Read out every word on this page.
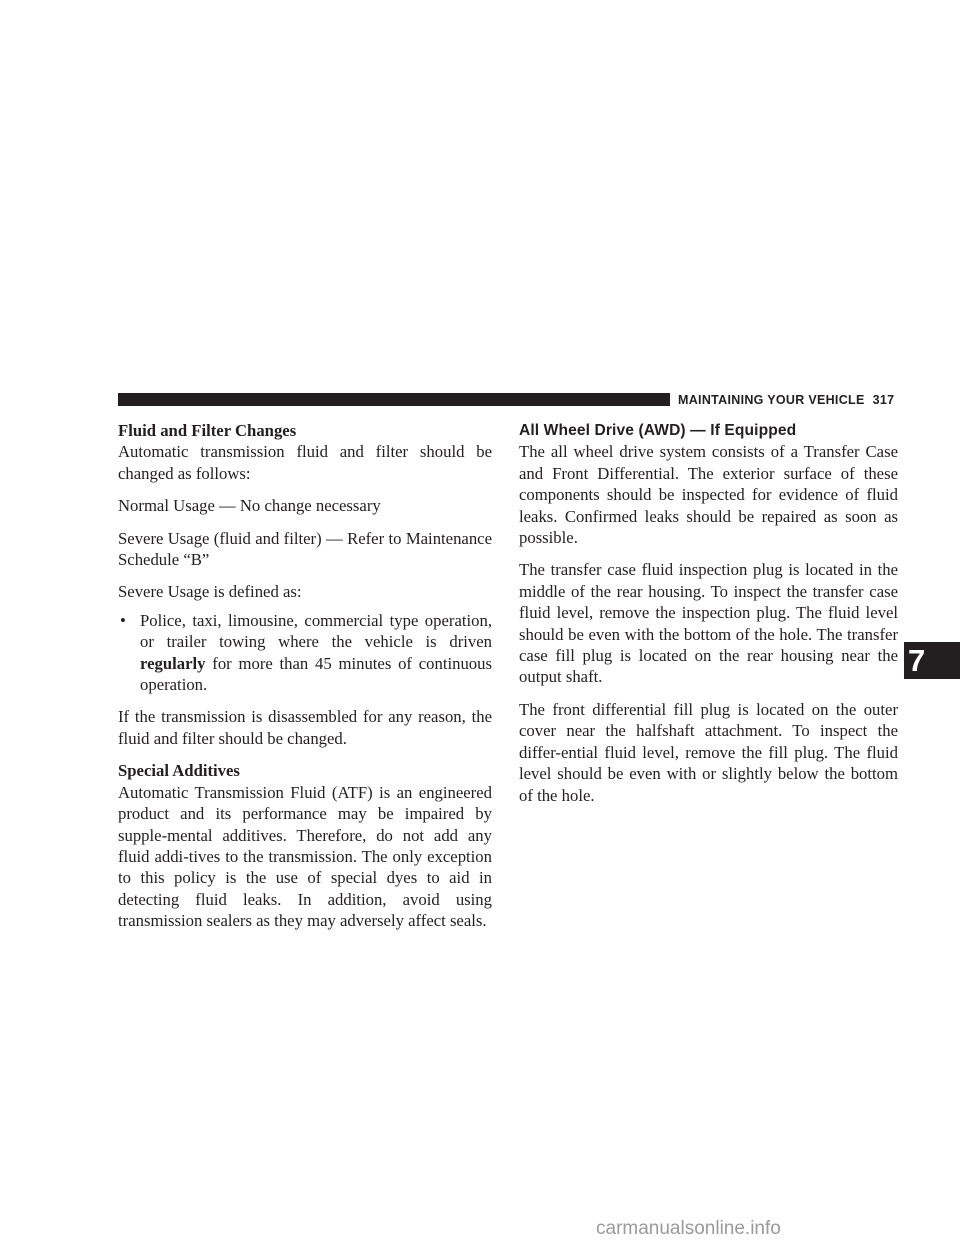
MAINTAINING YOUR VEHICLE 317
Fluid and Filter Changes

Automatic transmission fluid and filter should be changed as follows:

Normal Usage — No change necessary

Severe Usage (fluid and filter) — Refer to Maintenance Schedule “B”

Severe Usage is defined as:

• Police, taxi, limousine, commercial type operation, or trailer towing where the vehicle is driven regularly for more than 45 minutes of continuous operation.

If the transmission is disassembled for any reason, the fluid and filter should be changed.

Special Additives

Automatic Transmission Fluid (ATF) is an engineered product and its performance may be impaired by supple-mental additives. Therefore, do not add any fluid addi-tives to the transmission. The only exception to this policy is the use of special dyes to aid in detecting fluid leaks. In addition, avoid using transmission sealers as they may adversely affect seals.

All Wheel Drive (AWD) — If Equipped

The all wheel drive system consists of a Transfer Case and Front Differential. The exterior surface of these components should be inspected for evidence of fluid leaks. Confirmed leaks should be repaired as soon as possible.

The transfer case fluid inspection plug is located in the middle of the rear housing. To inspect the transfer case fluid level, remove the inspection plug. The fluid level should be even with the bottom of the hole. The transfer case fill plug is located on the rear housing near the output shaft.

The front differential fill plug is located on the outer cover near the halfshaft attachment. To inspect the differ-ential fluid level, remove the fill plug. The fluid level should be even with or slightly below the bottom of the hole.

7
carmanualsonline.info
